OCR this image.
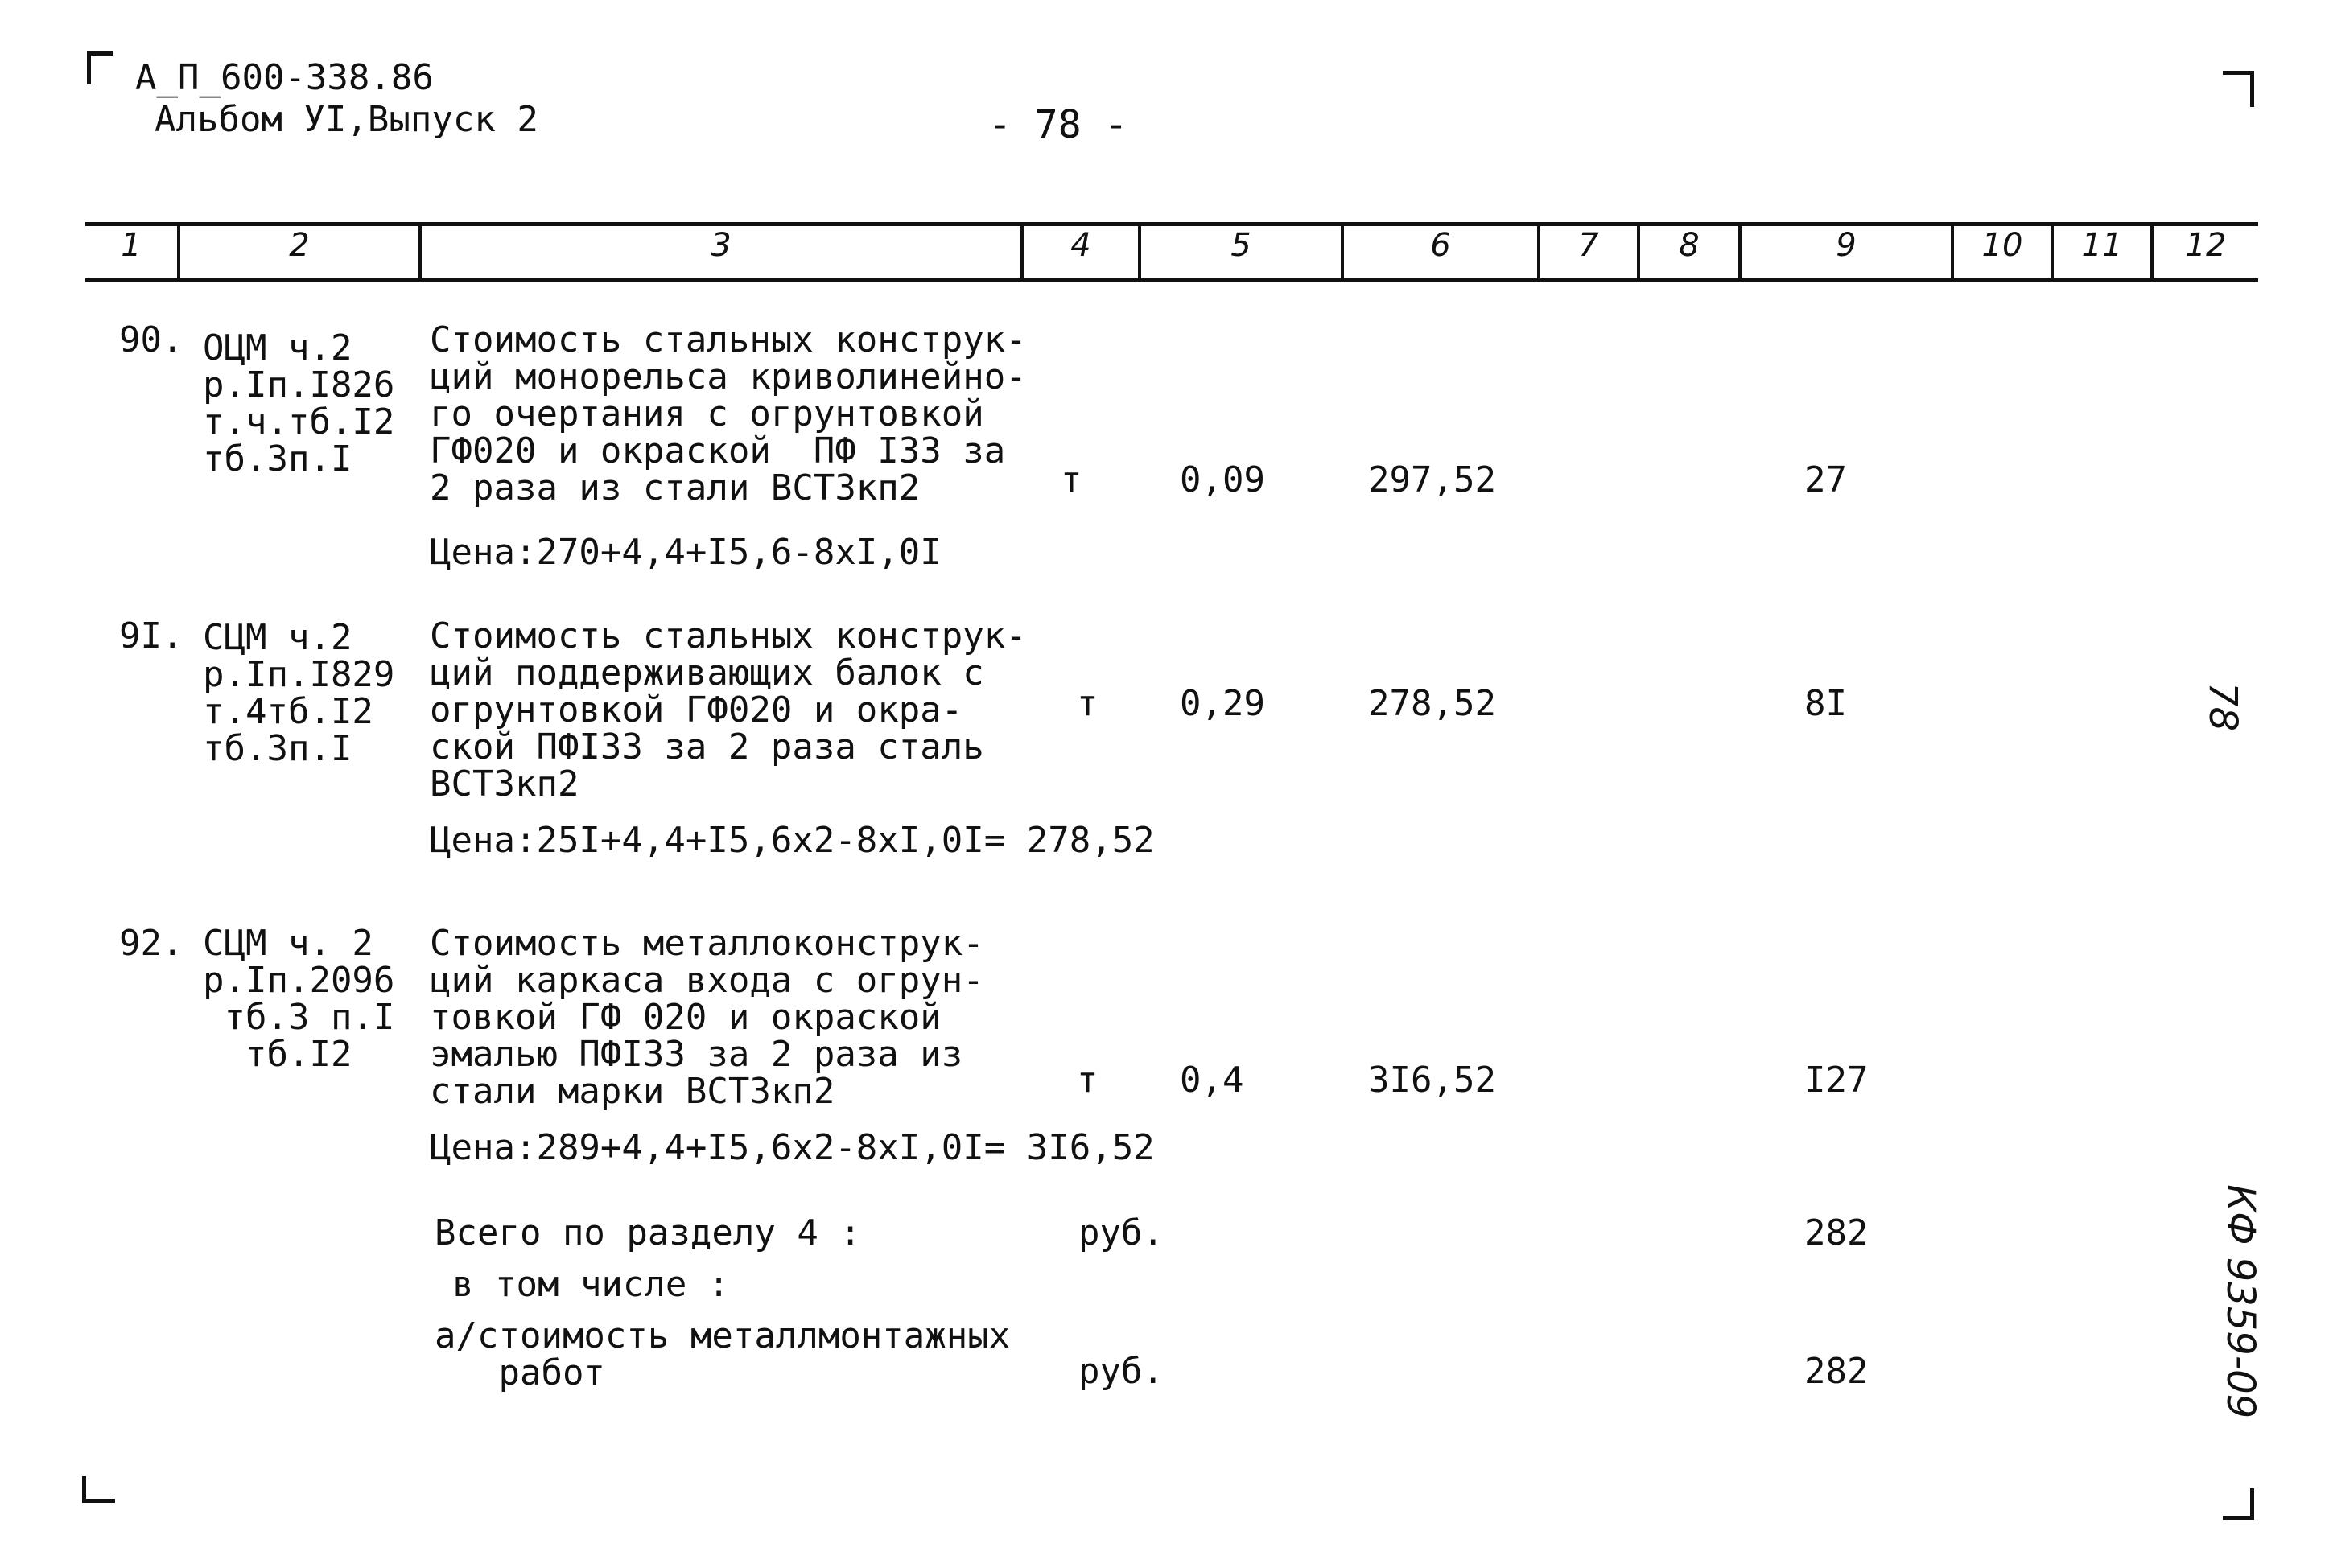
А_П_600-338.86
Альбом УI,Выпуск 2	- 78 -
1	2	3	4	5	6	7	8	9	10	11	12
90. ОЦМ ч.2
р.Iп.I826
т.ч.тб.I2
тб.3п.I
Стоимость стальных конструк-
ций монорельса криволинейно-
го очертания с огрунтовкой
ГФ020 и окраской  ПФ I33 за
2 раза из стали ВСТ3кп2	т	0,09	297,52	27
Цена:270+4,4+I5,6-8хI,0I
9I. СЦМ ч.2
р.Iп.I829
т.4тб.I2
тб.3п.I
Стоимость стальных конструк-
ций поддерживающих балок с
огрунтовкой ГФ020 и окра-
ской ПФI33 за 2 раза сталь
ВСТ3кп2
т 0,29	278,52	8I
Цена:25I+4,4+I5,6х2-8хI,0I= 278,52
92. СЦМ ч. 2
р.Iп.2096
тб.3 п.I
тб.I2
Стоимость металлоконструк-
ций каркаса входа с огрун-
товкой ГФ 020 и окраской
эмалью ПФI33 за 2 раза из
стали марки ВСТ3кп2	т 0,4	3I6,52	I27
Цена:289+4,4+I5,6х2-8хI,0I= 3I6,52
Всего по разделу 4 :	руб.	282
в том числе :
а/стоимость металлмонтажных
работ	руб.	282
78
КФ 9359-09
